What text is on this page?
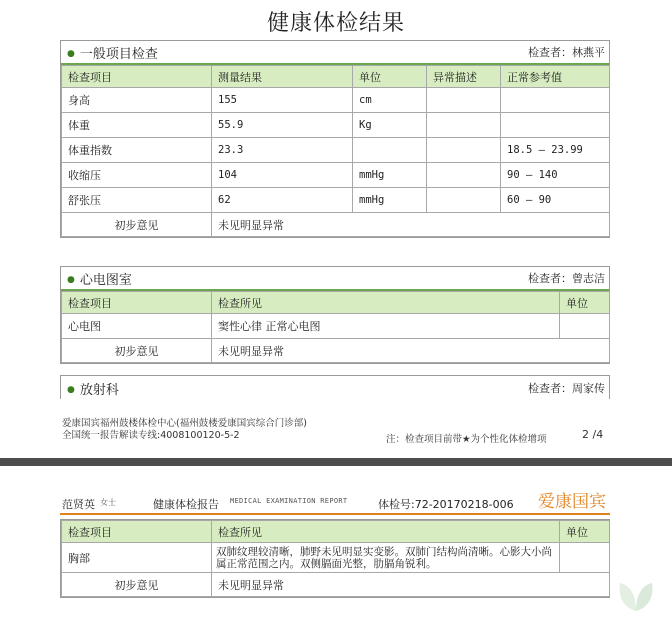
健康体检结果
● 一般项目检查	检查者：林燕平
检查项目	测量结果	单位	异常描述	正常参考值
身高	155	cm		
体重	55.9	Kg		
体重指数	23.3			18.5 — 23.99
收缩压	104	mmHg		90 — 140
舒张压	62	mmHg		60 — 90
初步意见	未见明显异常			
● 心电图室	检查者：曾志洁
检查项目	检查所见	单位
心电图	窦性心律 正常心电图	
初步意见	未见明显异常	
● 放射科	检查者：周家传
爱康国宾福州鼓楼体检中心(福州鼓楼爱康国宾综合门诊部)
全国统一报告解读专线:4008100120-5-2	注：检查项目前带★为个性化体检增项	2 /4
范贤英 女士	健康体检报告 MEDICAL EXAMINATION REPORT	体检号:72-20170218-006 爱康国宾
检查项目	检查所见	单位
胸部	双肺纹理较清晰，肺野未见明显实变影。双肺门结构尚清晰。心影大小尚属正常范围之内。双侧膈面光整，肋膈角锐利。	
初步意见	未见明显异常	
